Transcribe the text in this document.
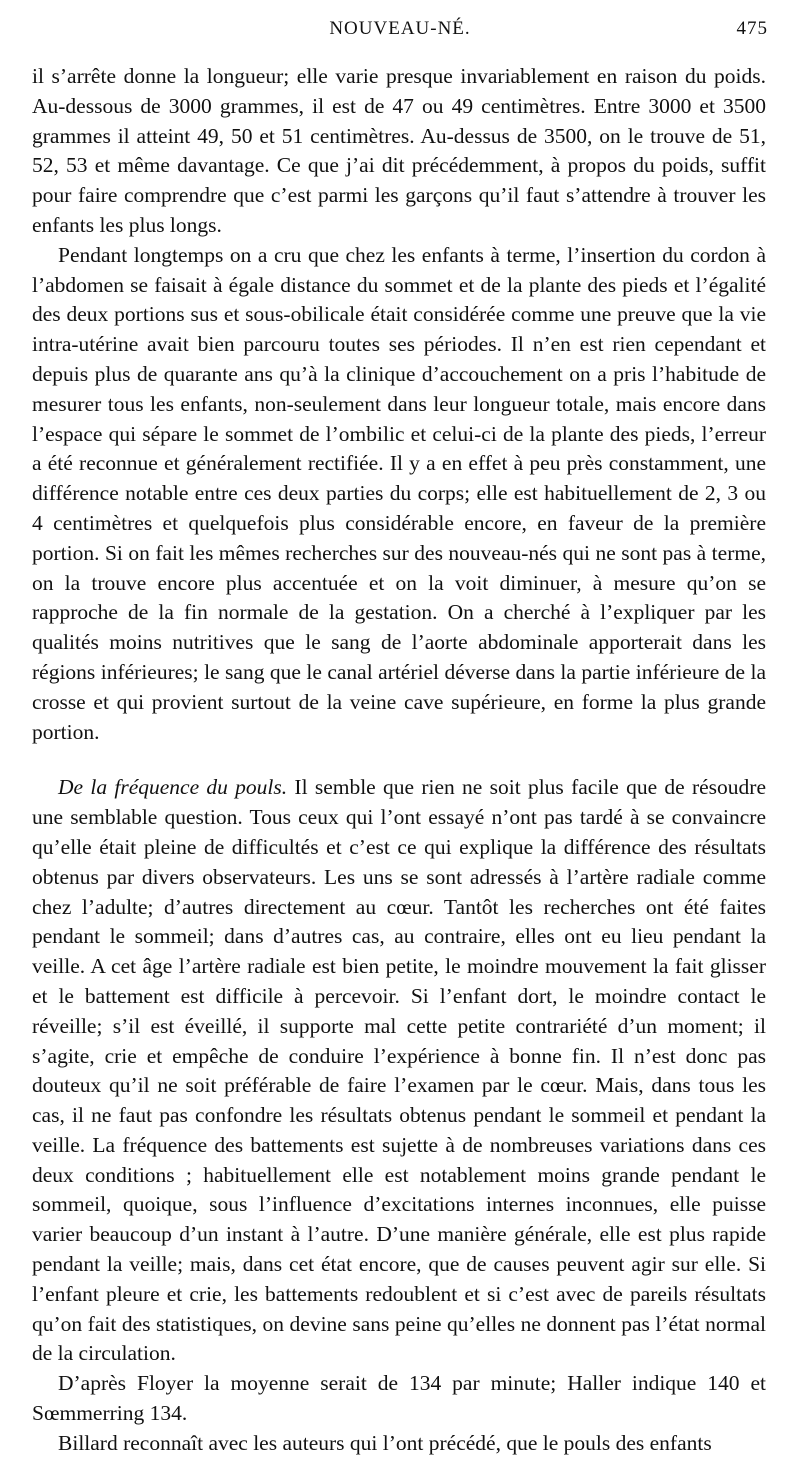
NOUVEAU-NÉ.	475

il s’arrête donne la longueur; elle varie presque invariablement en raison du poids. Au-dessous de 3000 grammes, il est de 47 ou 49 centimètres. Entre 3000 et 3500 grammes il atteint 49, 50 et 51 centimètres. Au-dessus de 3500, on le trouve de 51, 52, 53 et même davantage. Ce que j’ai dit précédemment, à propos du poids, suffit pour faire comprendre que c’est parmi les garçons qu’il faut s’attendre à trouver les enfants les plus longs.

Pendant longtemps on a cru que chez les enfants à terme, l’insertion du cordon à l’abdomen se faisait à égale distance du sommet et de la plante des pieds et l’égalité des deux portions sus et sous-obilicale était considérée comme une preuve que la vie intra-utérine avait bien parcouru toutes ses périodes. Il n’en est rien cependant et depuis plus de quarante ans qu’à la clinique d’accouchement on a pris l’habitude de mesurer tous les enfants, non-seulement dans leur longueur totale, mais encore dans l’espace qui sépare le sommet de l’ombilic et celui-ci de la plante des pieds, l’erreur a été reconnue et généralement rectifiée. Il y a en effet à peu près constamment, une différence notable entre ces deux parties du corps; elle est habituellement de 2, 3 ou 4 centimètres et quelquefois plus considérable encore, en faveur de la première portion. Si on fait les mêmes recherches sur des nouveau-nés qui ne sont pas à terme, on la trouve encore plus accentuée et on la voit diminuer, à mesure qu’on se rapproche de la fin normale de la gestation. On a cherché à l’expliquer par les qualités moins nutritives que le sang de l’aorte abdominale apporterait dans les régions inférieures; le sang que le canal artériel déverse dans la partie inférieure de la crosse et qui provient surtout de la veine cave supérieure, en forme la plus grande portion.

De la fréquence du pouls. Il semble que rien ne soit plus facile que de résoudre une semblable question. Tous ceux qui l’ont essayé n’ont pas tardé à se convaincre qu’elle était pleine de difficultés et c’est ce qui explique la différence des résultats obtenus par divers observateurs. Les uns se sont adressés à l’artère radiale comme chez l’adulte; d’autres directement au cœur. Tantôt les recherches ont été faites pendant le sommeil; dans d’autres cas, au contraire, elles ont eu lieu pendant la veille. A cet âge l’artère radiale est bien petite, le moindre mouvement la fait glisser et le battement est difficile à percevoir. Si l’enfant dort, le moindre contact le réveille; s’il est éveillé, il supporte mal cette petite contrariété d’un moment; il s’agite, crie et empêche de conduire l’expérience à bonne fin. Il n’est donc pas douteux qu’il ne soit préférable de faire l’examen par le cœur. Mais, dans tous les cas, il ne faut pas confondre les résultats obtenus pendant le sommeil et pendant la veille. La fréquence des battements est sujette à de nombreuses variations dans ces deux conditions ; habituellement elle est notablement moins grande pendant le sommeil, quoique, sous l’influence d’excitations internes inconnues, elle puisse varier beaucoup d’un instant à l’autre. D’une manière générale, elle est plus rapide pendant la veille; mais, dans cet état encore, que de causes peuvent agir sur elle. Si l’enfant pleure et crie, les battements redoublent et si c’est avec de pareils résultats qu’on fait des statistiques, on devine sans peine qu’elles ne donnent pas l’état normal de la circulation.

D’après Floyer la moyenne serait de 134 par minute; Haller indique 140 et Sœmmerring 134.

Billard reconnaît avec les auteurs qui l’ont précédé, que le pouls des enfants
